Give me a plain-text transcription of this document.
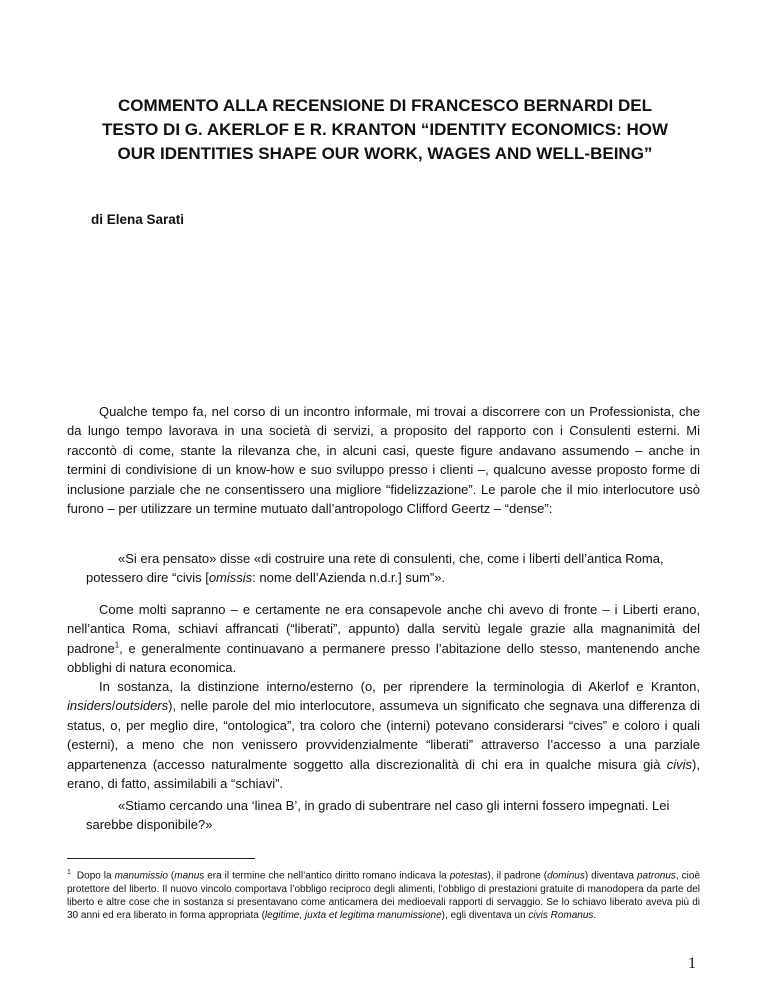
COMMENTO ALLA RECENSIONE DI FRANCESCO BERNARDI DEL
TESTO DI G. AKERLOF E R. KRANTON “IDENTITY ECONOMICS: HOW
OUR IDENTITIES SHAPE OUR WORK, WAGES AND WELL-BEING”

di Elena Sarati

Qualche tempo fa, nel corso di un incontro informale, mi trovai a discorrere con un Professionista, che da lungo tempo lavorava in una società di servizi, a proposito del rapporto con i Consulenti esterni. Mi raccontò di come, stante la rilevanza che, in alcuni casi, queste figure andavano assumendo – anche in termini di condivisione di un know-how e suo sviluppo presso i clienti –, qualcuno avesse proposto forme di inclusione parziale che ne consentissero una migliore “fidelizzazione”. Le parole che il mio interlocutore usò furono – per utilizzare un termine mutuato dall’antropologo Clifford Geertz – “dense”:

«Si era pensato» disse «di costruire una rete di consulenti, che, come i liberti dell’antica Roma, potessero dire “civis [omissis: nome dell’Azienda n.d.r.] sum”».

Come molti sapranno – e certamente ne era consapevole anche chi avevo di fronte – i Liberti erano, nell’antica Roma, schiavi affrancati (“liberati”, appunto) dalla servitù legale grazie alla magnanimità del padrone$^1$, e generalmente continuavano a permanere presso l’abitazione dello stesso, mantenendo anche obblighi di natura economica.

In sostanza, la distinzione interno/esterno (o, per riprendere la terminologia di Akerlof e Kranton, insiders/outsiders), nelle parole del mio interlocutore, assumeva un significato che segnava una differenza di status, o, per meglio dire, “ontologica”, tra coloro che (interni) potevano considerarsi “cives” e coloro i quali (esterni), a meno che non venissero provvidenzialmente “liberati” attraverso l’accesso a una parziale appartenenza (accesso naturalmente soggetto alla discrezionalità di chi era in qualche misura già civis), erano, di fatto, assimilabili a “schiavi”.

«Stiamo cercando una ‘linea B’, in grado di subentrare nel caso gli interni fossero impegnati. Lei sarebbe disponibile?»

$^1$ Dopo la manumissio (manus era il termine che nell’antico diritto romano indicava la potestas), il padrone (dominus) diventava patronus, cioè protettore del liberto. Il nuovo vincolo comportava l’obbligo reciproco degli alimenti, l’obbligo di prestazioni gratuite di manodopera da parte del liberto e altre cose che in sostanza si presentavano come anticamera dei medioevali rapporti di servaggio. Se lo schiavo liberato aveva più di 30 anni ed era liberato in forma appropriata (legitime, juxta et legitima manumissione), egli diventava un civis Romanus.

1
